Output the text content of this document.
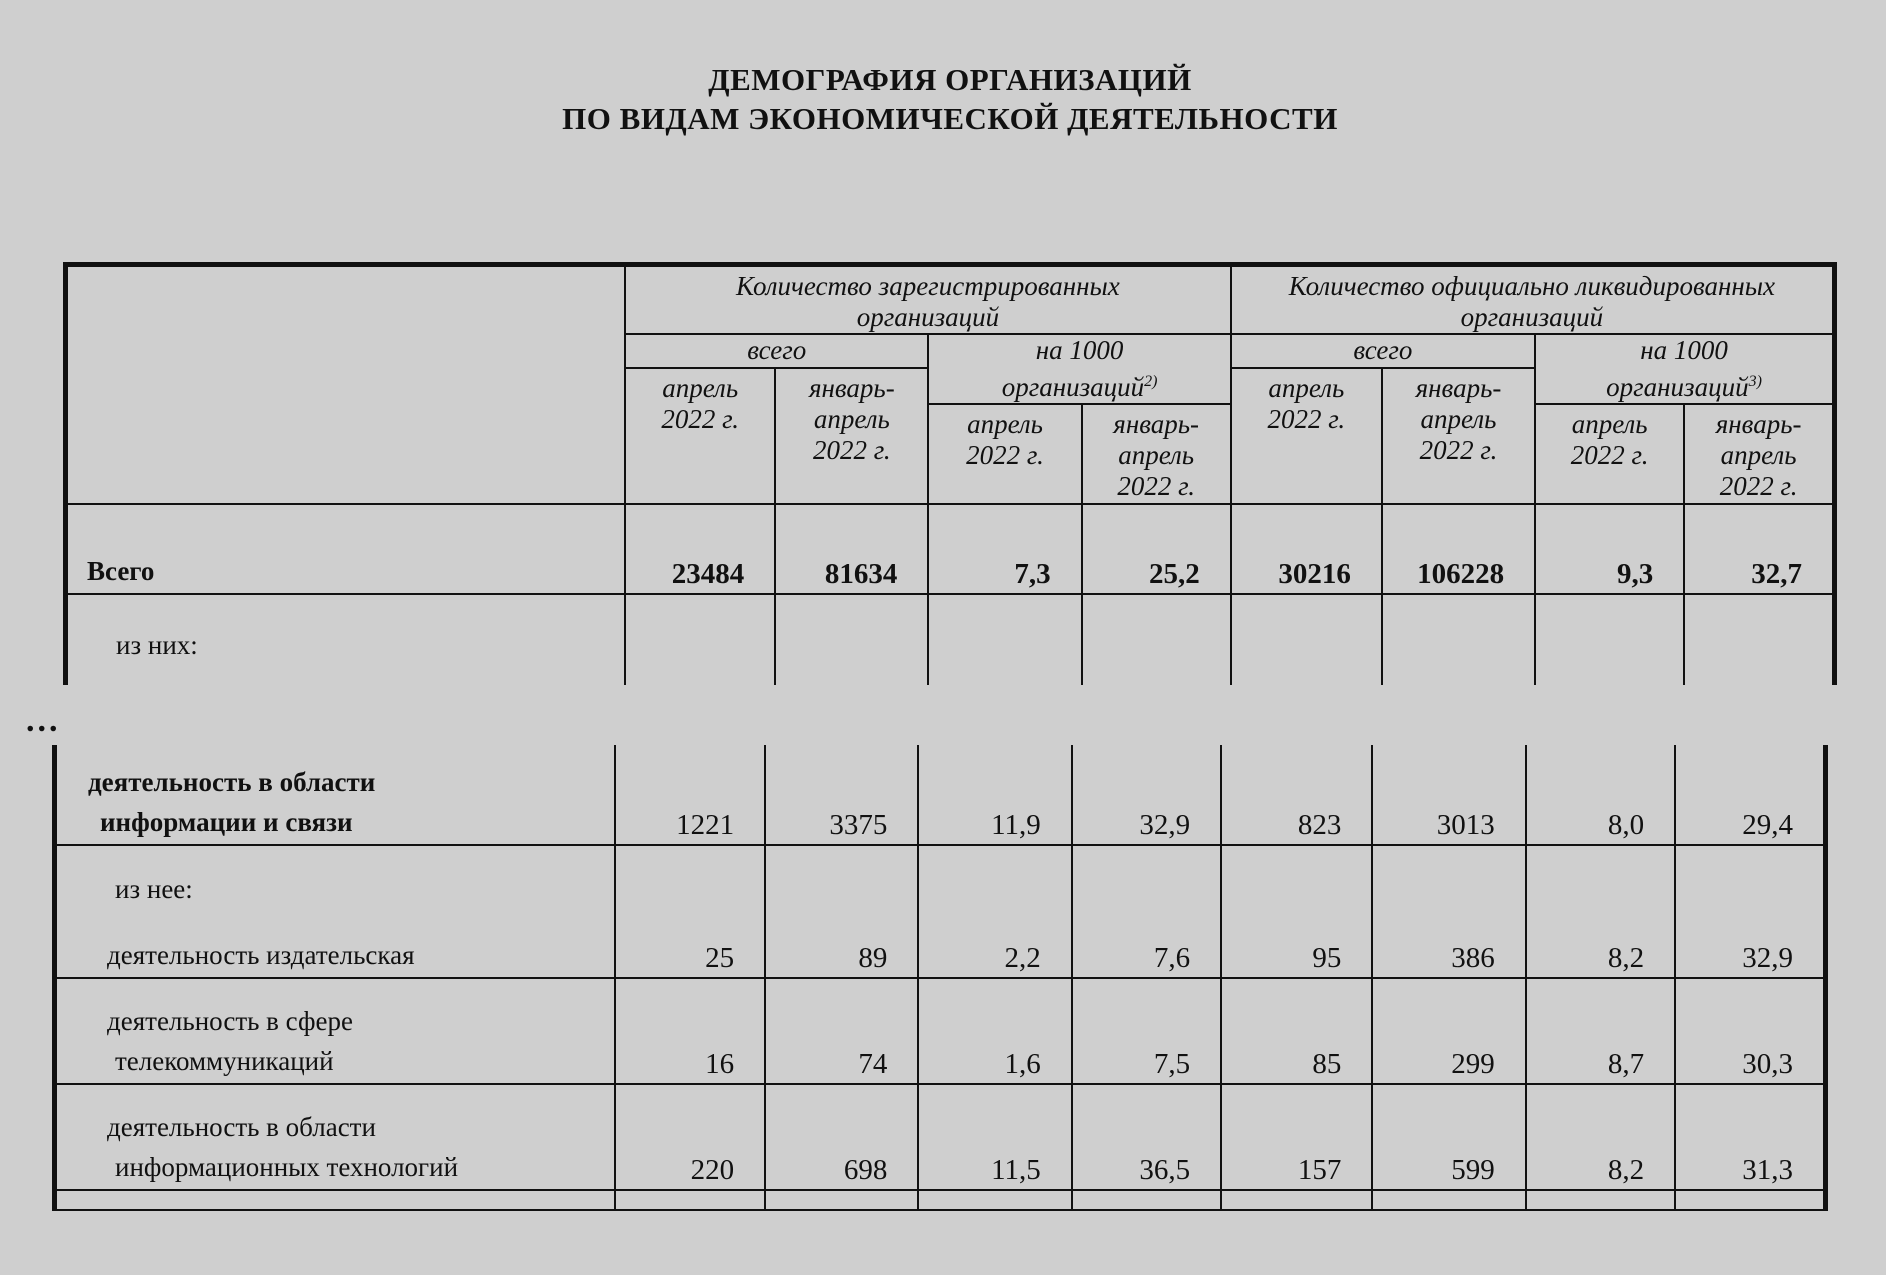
ДЕМОГРАФИЯ ОРГАНИЗАЦИЙ
ПО ВИДАМ ЭКОНОМИЧЕСКОЙ ДЕЯТЕЛЬНОСТИ
	Количество зарегистрированных организаций				Количество официально ликвидированных организаций			
	всего		на 1000 организаций$^{2)}$		всего		на 1000 организаций$^{3)}$
	апрель 2022 г.	январь-апрель 2022 г.			апрель 2022 г.	январь-апрель 2022 г.		
			апрель 2022 г.	январь-апрель 2022 г.			апрель 2022 г.	январь-апрель 2022 г.
Всего	23484	81634	7,3	25,2	30216	106228	9,3	32,7
из них:								
...
деятельность в области
информации и связи	1221	3375	11,9	32,9	823	3013	8,0	29,4

из нее:
деятельность издательская	25	89	2,2	7,6	95	386	8,2	32,9

деятельность в сфере
телекоммуникаций	16	74	1,6	7,5	85	299	8,7	30,3

деятельность в области
информационных технологий	220	698	11,5	36,5	157	599	8,2	31,3
